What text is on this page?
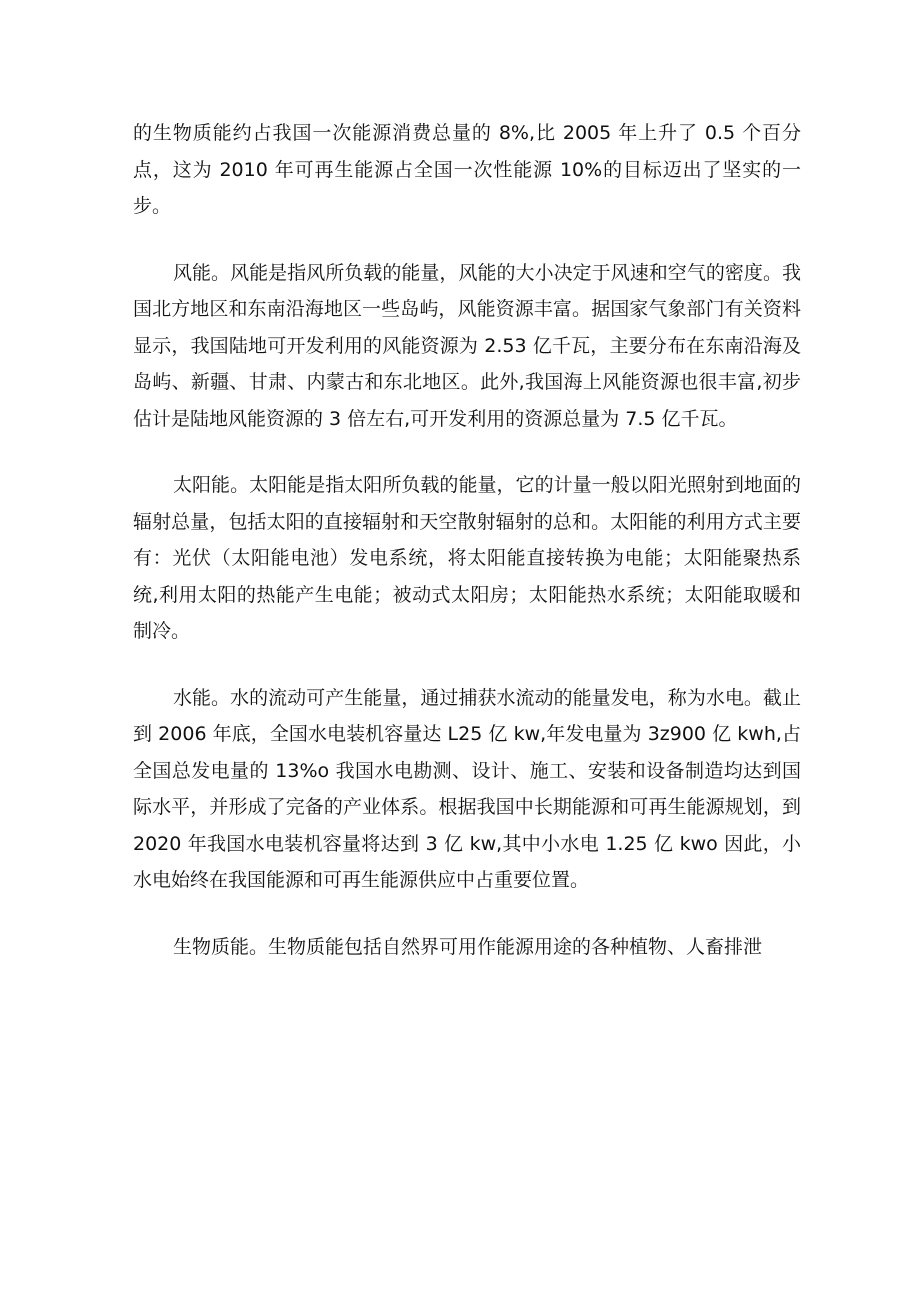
的生物质能约占我国一次能源消费总量的 8%,比 2005 年上升了 0.5 个百分点，这为 2010 年可再生能源占全国一次性能源 10%的目标迈出了坚实的一步。

风能。风能是指风所负载的能量，风能的大小决定于风速和空气的密度。我国北方地区和东南沿海地区一些岛屿，风能资源丰富。据国家气象部门有关资料显示，我国陆地可开发利用的风能资源为 2.53 亿千瓦，主要分布在东南沿海及岛屿、新疆、甘肃、内蒙古和东北地区。此外,我国海上风能资源也很丰富,初步估计是陆地风能资源的 3 倍左右,可开发利用的资源总量为 7.5 亿千瓦。

太阳能。太阳能是指太阳所负载的能量，它的计量一般以阳光照射到地面的辐射总量，包括太阳的直接辐射和天空散射辐射的总和。太阳能的利用方式主要有：光伏（太阳能电池）发电系统，将太阳能直接转换为电能；太阳能聚热系统,利用太阳的热能产生电能；被动式太阳房；太阳能热水系统；太阳能取暖和制冷。

水能。水的流动可产生能量，通过捕获水流动的能量发电，称为水电。截止到 2006 年底，全国水电装机容量达 L25 亿 kw,年发电量为 3z900 亿 kwh,占全国总发电量的 13%o 我国水电勘测、设计、施工、安装和设备制造均达到国际水平，并形成了完备的产业体系。根据我国中长期能源和可再生能源规划，到 2020 年我国水电装机容量将达到 3 亿 kw,其中小水电 1.25 亿 kwo 因此，小水电始终在我国能源和可再生能源供应中占重要位置。

生物质能。生物质能包括自然界可用作能源用途的各种植物、人畜排泄
